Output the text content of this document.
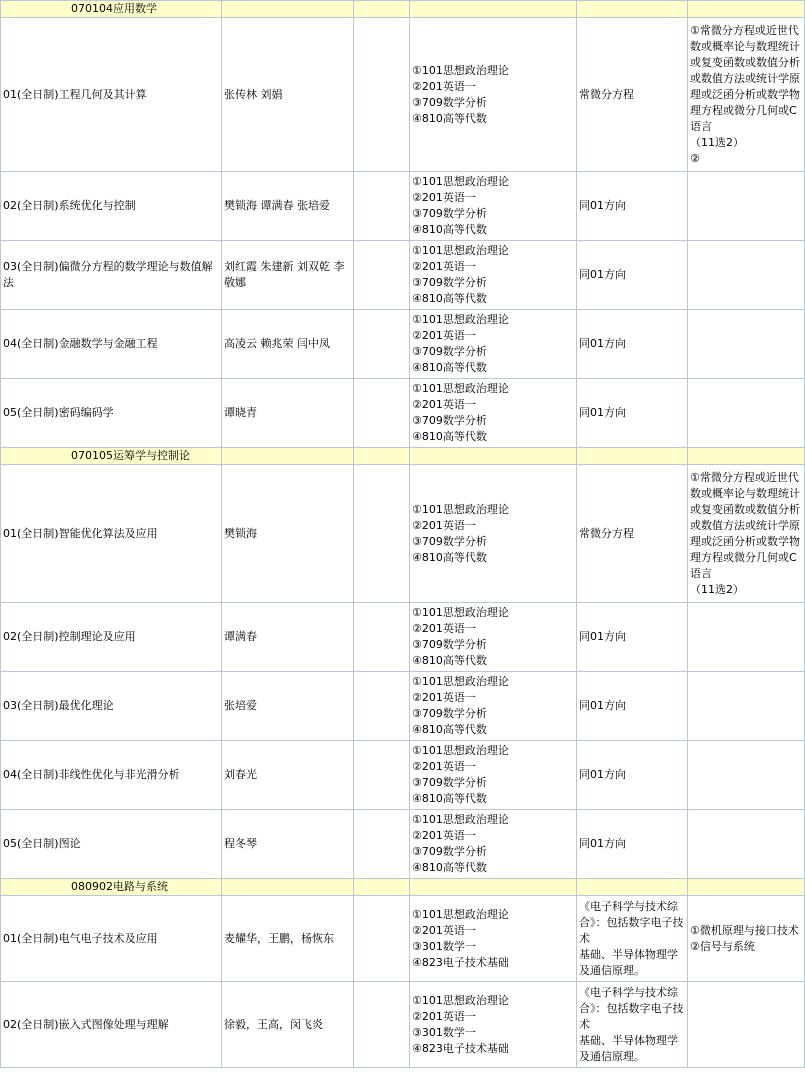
070104应用数学					
01(全日制)工程几何及其计算	张传林 刘娟		①101思想政治理论
②201英语一
③709数学分析
④810高等代数	常微分方程	①常微分方程或近世代数或概率论与数理统计或复变函数或数值分析或数值方法或统计学原理或泛函分析或数学物理方程或微分几何或C语言
（11选2）
②
02(全日制)系统优化与控制	樊锁海 谭满春 张培爱		①101思想政治理论
②201英语一
③709数学分析
④810高等代数	同01方向	
03(全日制)偏微分方程的数学理论与数值解法	刘红霞 朱建新 刘双乾 李敬娜		①101思想政治理论
②201英语一
③709数学分析
④810高等代数	同01方向	
04(全日制)金融数学与金融工程	高凌云 赖兆荣 闫中凤		①101思想政治理论
②201英语一
③709数学分析
④810高等代数	同01方向	
05(全日制)密码编码学	谭晓青		①101思想政治理论
②201英语一
③709数学分析
④810高等代数	同01方向	
070105运筹学与控制论					
01(全日制)智能优化算法及应用	樊锁海		①101思想政治理论
②201英语一
③709数学分析
④810高等代数	常微分方程	①常微分方程或近世代数或概率论与数理统计或复变函数或数值分析或数值方法或统计学原理或泛函分析或数学物理方程或微分几何或C语言
（11选2）
02(全日制)控制理论及应用	谭满春		①101思想政治理论
②201英语一
③709数学分析
④810高等代数	同01方向	
03(全日制)最优化理论	张培爱		①101思想政治理论
②201英语一
③709数学分析
④810高等代数	同01方向	
04(全日制)非线性优化与非光滑分析	刘春光		①101思想政治理论
②201英语一
③709数学分析
④810高等代数	同01方向	
05(全日制)图论	程冬琴		①101思想政治理论
②201英语一
③709数学分析
④810高等代数	同01方向	
080902电路与系统					
01(全日制)电气电子技术及应用	麦耀华，王鹏，杨恢东		①101思想政治理论
②201英语一
③301数学一
④823电子技术基础	《电子科学与技术综合》：包括数字电子技术
基础、半导体物理学及通信原理。	①微机原理与接口技术
②信号与系统
02(全日制)嵌入式图像处理与理解	徐毅，王高，闵飞炎		①101思想政治理论
②201英语一
③301数学一
④823电子技术基础	《电子科学与技术综合》：包括数字电子技术
基础、半导体物理学及通信原理。	
